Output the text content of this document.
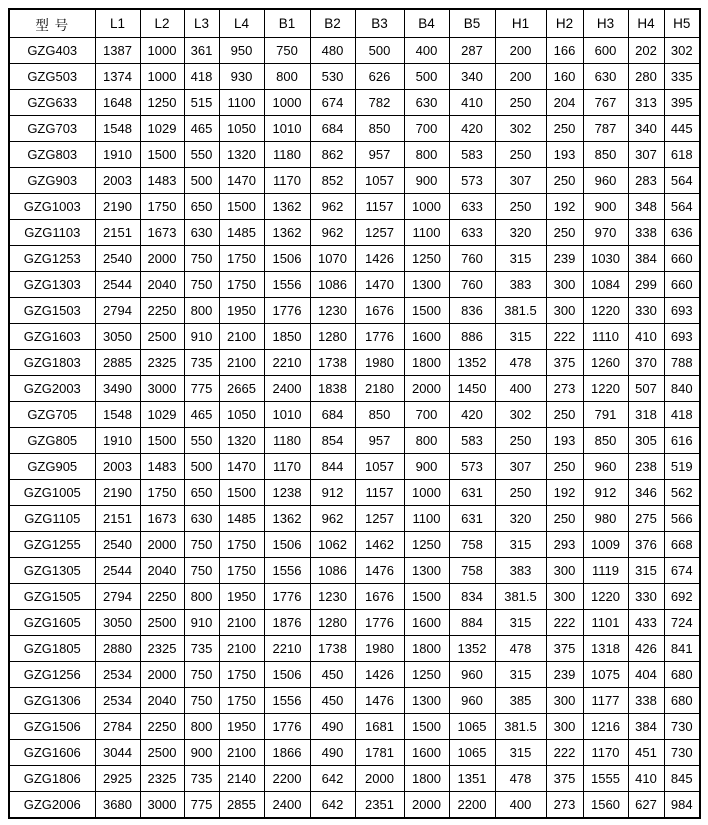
型 号	L1	L2	L3	L4	B1	B2	B3	B4	B5	H1	H2	H3	H4	H5
GZG403	1387	1000	361	950	750	480	500	400	287	200	166	600	202	302
GZG503	1374	1000	418	930	800	530	626	500	340	200	160	630	280	335
GZG633	1648	1250	515	1100	1000	674	782	630	410	250	204	767	313	395
GZG703	1548	1029	465	1050	1010	684	850	700	420	302	250	787	340	445
GZG803	1910	1500	550	1320	1180	862	957	800	583	250	193	850	307	618
GZG903	2003	1483	500	1470	1170	852	1057	900	573	307	250	960	283	564
GZG1003	2190	1750	650	1500	1362	962	1157	1000	633	250	192	900	348	564
GZG1103	2151	1673	630	1485	1362	962	1257	1100	633	320	250	970	338	636
GZG1253	2540	2000	750	1750	1506	1070	1426	1250	760	315	239	1030	384	660
GZG1303	2544	2040	750	1750	1556	1086	1470	1300	760	383	300	1084	299	660
GZG1503	2794	2250	800	1950	1776	1230	1676	1500	836	381.5	300	1220	330	693
GZG1603	3050	2500	910	2100	1850	1280	1776	1600	886	315	222	1110	410	693
GZG1803	2885	2325	735	2100	2210	1738	1980	1800	1352	478	375	1260	370	788
GZG2003	3490	3000	775	2665	2400	1838	2180	2000	1450	400	273	1220	507	840
GZG705	1548	1029	465	1050	1010	684	850	700	420	302	250	791	318	418
GZG805	1910	1500	550	1320	1180	854	957	800	583	250	193	850	305	616
GZG905	2003	1483	500	1470	1170	844	1057	900	573	307	250	960	238	519
GZG1005	2190	1750	650	1500	1238	912	1157	1000	631	250	192	912	346	562
GZG1105	2151	1673	630	1485	1362	962	1257	1100	631	320	250	980	275	566
GZG1255	2540	2000	750	1750	1506	1062	1462	1250	758	315	293	1009	376	668
GZG1305	2544	2040	750	1750	1556	1086	1476	1300	758	383	300	1119	315	674
GZG1505	2794	2250	800	1950	1776	1230	1676	1500	834	381.5	300	1220	330	692
GZG1605	3050	2500	910	2100	1876	1280	1776	1600	884	315	222	1101	433	724
GZG1805	2880	2325	735	2100	2210	1738	1980	1800	1352	478	375	1318	426	841
GZG1256	2534	2000	750	1750	1506	450	1426	1250	960	315	239	1075	404	680
GZG1306	2534	2040	750	1750	1556	450	1476	1300	960	385	300	1177	338	680
GZG1506	2784	2250	800	1950	1776	490	1681	1500	1065	381.5	300	1216	384	730
GZG1606	3044	2500	900	2100	1866	490	1781	1600	1065	315	222	1170	451	730
GZG1806	2925	2325	735	2140	2200	642	2000	1800	1351	478	375	1555	410	845
GZG2006	3680	3000	775	2855	2400	642	2351	2000	2200	400	273	1560	627	984
